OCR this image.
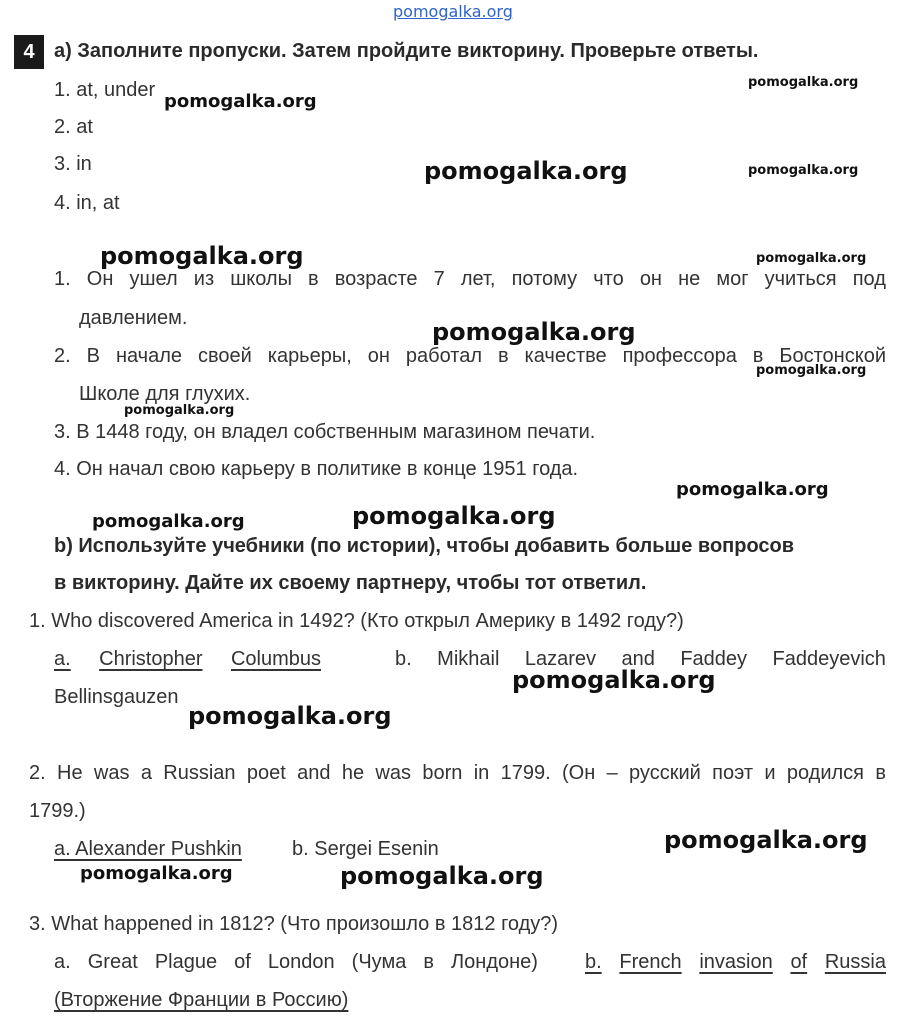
pomogalka.org
4 a) Заполните пропуски. Затем пройдите викторину. Проверьте ответы.
1. at, under
2. at
3. in
4. in, at
1. Он ушел из школы в возрасте 7 лет, потому что он не мог учиться под
давлением.
2. В начале своей карьеры, он работал в качестве профессора в Бостонской
Школе для глухих.
3. В 1448 году, он владел собственным магазином печати.
4. Он начал свою карьеру в политике в конце 1951 года.
b) Используйте учебники (по истории), чтобы добавить больше вопросов
в викторину. Дайте их своему партнеру, чтобы тот ответил.
1. Who discovered America in 1492? (Кто открыл Америку в 1492 году?)
a. Christopher Columbus	b. Mikhail Lazarev and Faddey Faddeyevich
Bellinsgauzen
2. He was a Russian poet and he was born in 1799. (Он – русский поэт и родился в
1799.)
a. Alexander Pushkin	b. Sergei Esenin
3. What happened in 1812? (Что произошло в 1812 году?)
a. Great Plague of London (Чума в Лондоне) b. French invasion of Russia
(Вторжение Франции в Россию)
pomogalka.org
pomogalka.org
pomogalka.org	pomogalka.org
pomogalka.org	pomogalka.org
pomogalka.org
pomogalka.org
pomogalka.org
pomogalka.org
pomogalka.org	pomogalka.org
pomogalka.org
pomogalka.org
pomogalka.org
pomogalka.org	pomogalka.org
